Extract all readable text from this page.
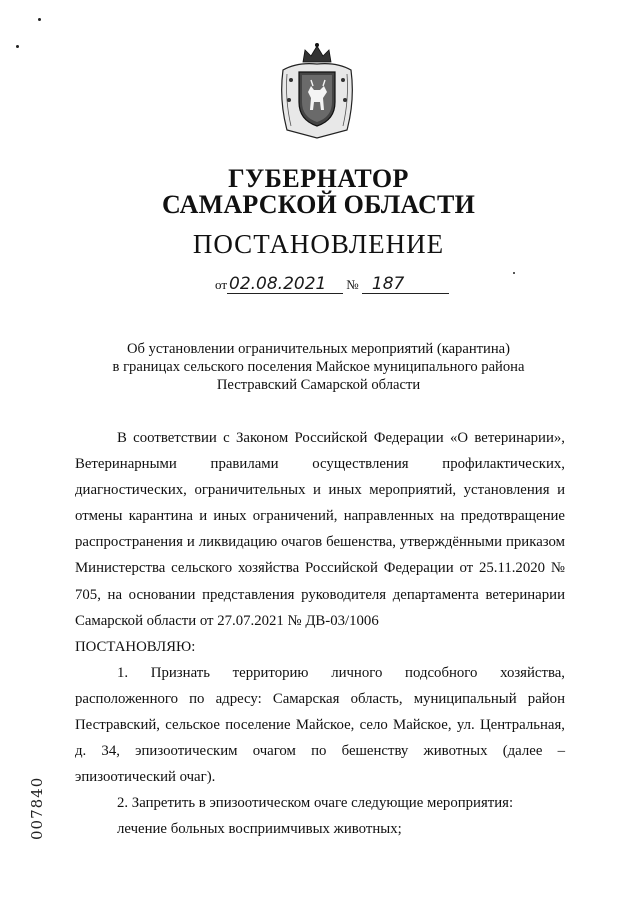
ГУБЕРНАТОР
САМАРСКОЙ ОБЛАСТИ
ПОСТАНОВЛЕНИЕ
от 02.08.2021 № 187

Об установлении ограничительных мероприятий (карантина)

в границах сельского поселения Майское муниципального района

Пестравский Самарской области

В соответствии с Законом Российской Федерации «О ветеринарии», Ветеринарными правилами осуществления профилактических, диагностических, ограничительных и иных мероприятий, установления и отмены карантина и иных ограничений, направленных на предотвращение распространения и ликвидацию очагов бешенства, утверждёнными приказом Министерства сельского хозяйства Российской Федерации от 25.11.2020 № 705, на основании представления руководителя департамента ветеринарии Самарской области от 27.07.2021 № ДВ-03/1006

ПОСТАНОВЛЯЮ:

1. Признать территорию личного подсобного хозяйства, расположенного по адресу: Самарская область, муниципальный район Пестравский, сельское поселение Майское, село Майское, ул. Центральная, д. 34, эпизоотическим очагом по бешенству животных (далее – эпизоотический очаг).

2. Запретить в эпизоотическом очаге следующие мероприятия:

лечение больных восприимчивых животных;

007840
